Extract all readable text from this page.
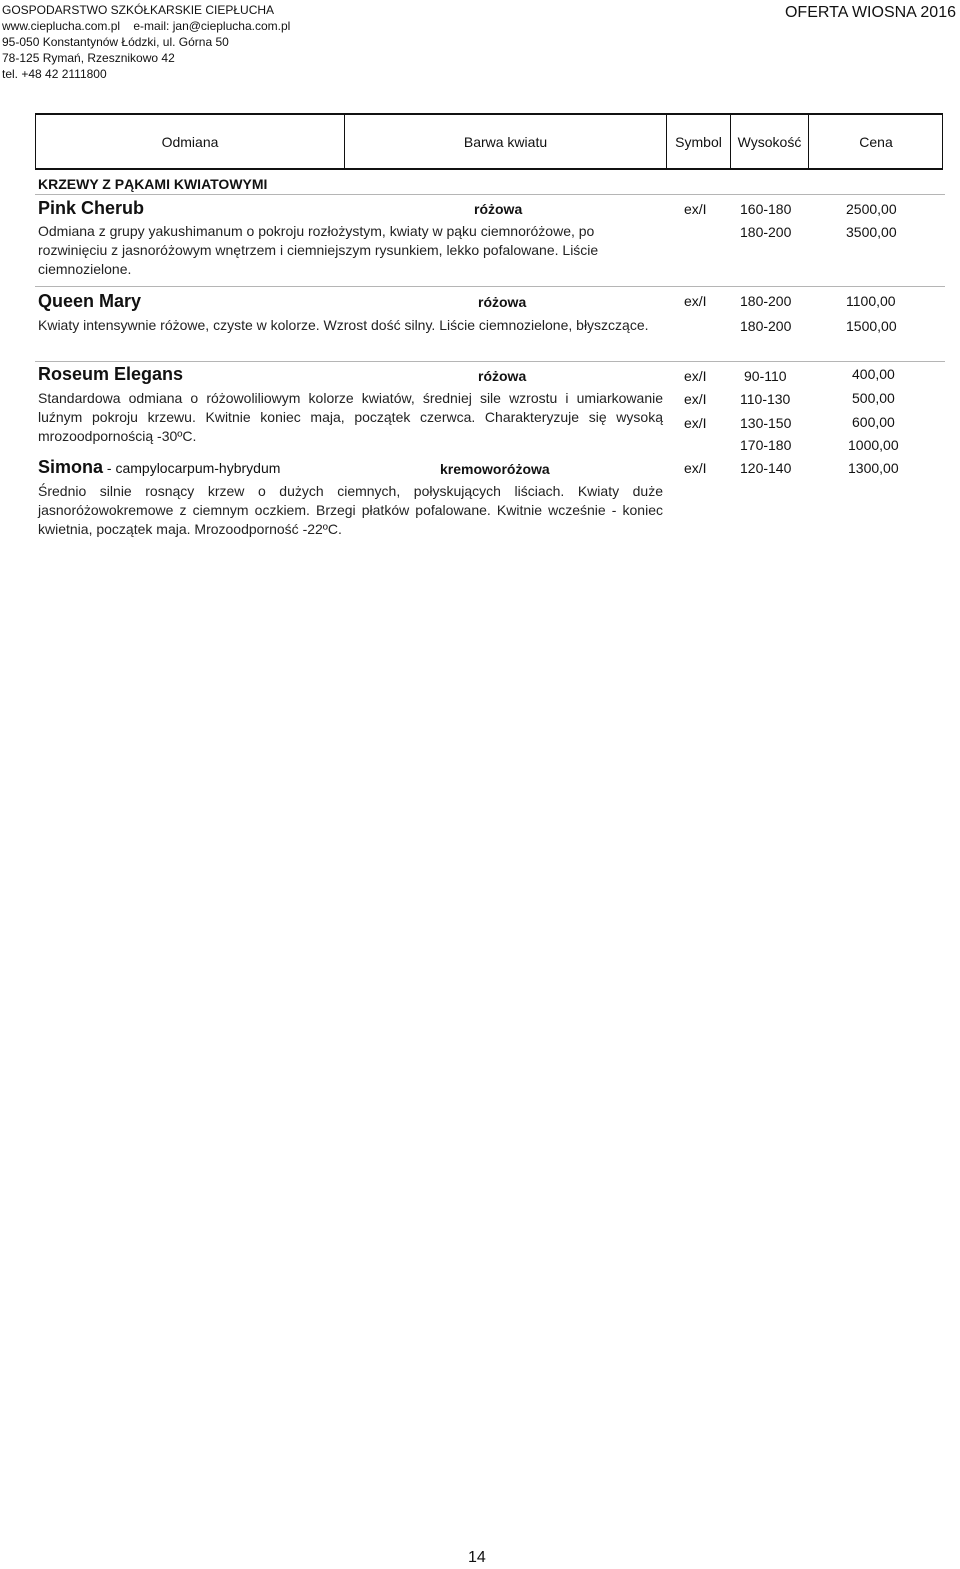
GOSPODARSTWO SZKÓŁKARSKIE CIEPŁUCHA
www.cieplucha.com.pl    e-mail: jan@cieplucha.com.pl
95-050 Konstantynów Łódzki, ul. Górna 50
78-125 Rymań, Rzesznikowo 42
tel. +48 42 2111800
OFERTA WIOSNA 2016
Odmiana	Barwa kwiatu	Symbol	Wysokość	Cena
KRZEWY Z PĄKAMI KWIATOWYMI
Pink Cherub	różowa	ex/I 160-180	2500,00
Odmiana z grupy yakushimanum o pokroju rozłożystym, kwiaty w pąku ciemnoróżowe, po rozwinięciu z jasnoróżowym wnętrzem i ciemniejszym rysunkiem, lekko pofalowane. Liście ciemnozielone.
180-200	3500,00
Queen Mary	różowa	ex/I 180-200	1100,00
Kwiaty intensywnie różowe, czyste w kolorze. Wzrost dość silny. Liście ciemnozielone, błyszczące.	180-200	1500,00
Roseum Elegans	różowa	ex/I	90-110	400,00
Standardowa odmiana o różowoliliowym kolorze kwiatów, średniej sile wzrostu i umiarkowanie luźnym pokroju krzewu. Kwitnie koniec maja, początek czerwca. Charakteryzuje się wysoką mrozoodpornością -30ºC.
ex/I 110-130	500,00
ex/I 130-150	600,00
170-180	1000,00
Simona - campylocarpum-hybrydum	kremoworóżowa	ex/I 120-140	1300,00
Średnio silnie rosnący krzew o dużych ciemnych, połyskujących liściach. Kwiaty duże jasnoróżowokremowe z ciemnym oczkiem. Brzegi płatków pofalowane. Kwitnie wcześnie - koniec kwietnia, początek maja. Mrozoodporność -22ºC.
14
